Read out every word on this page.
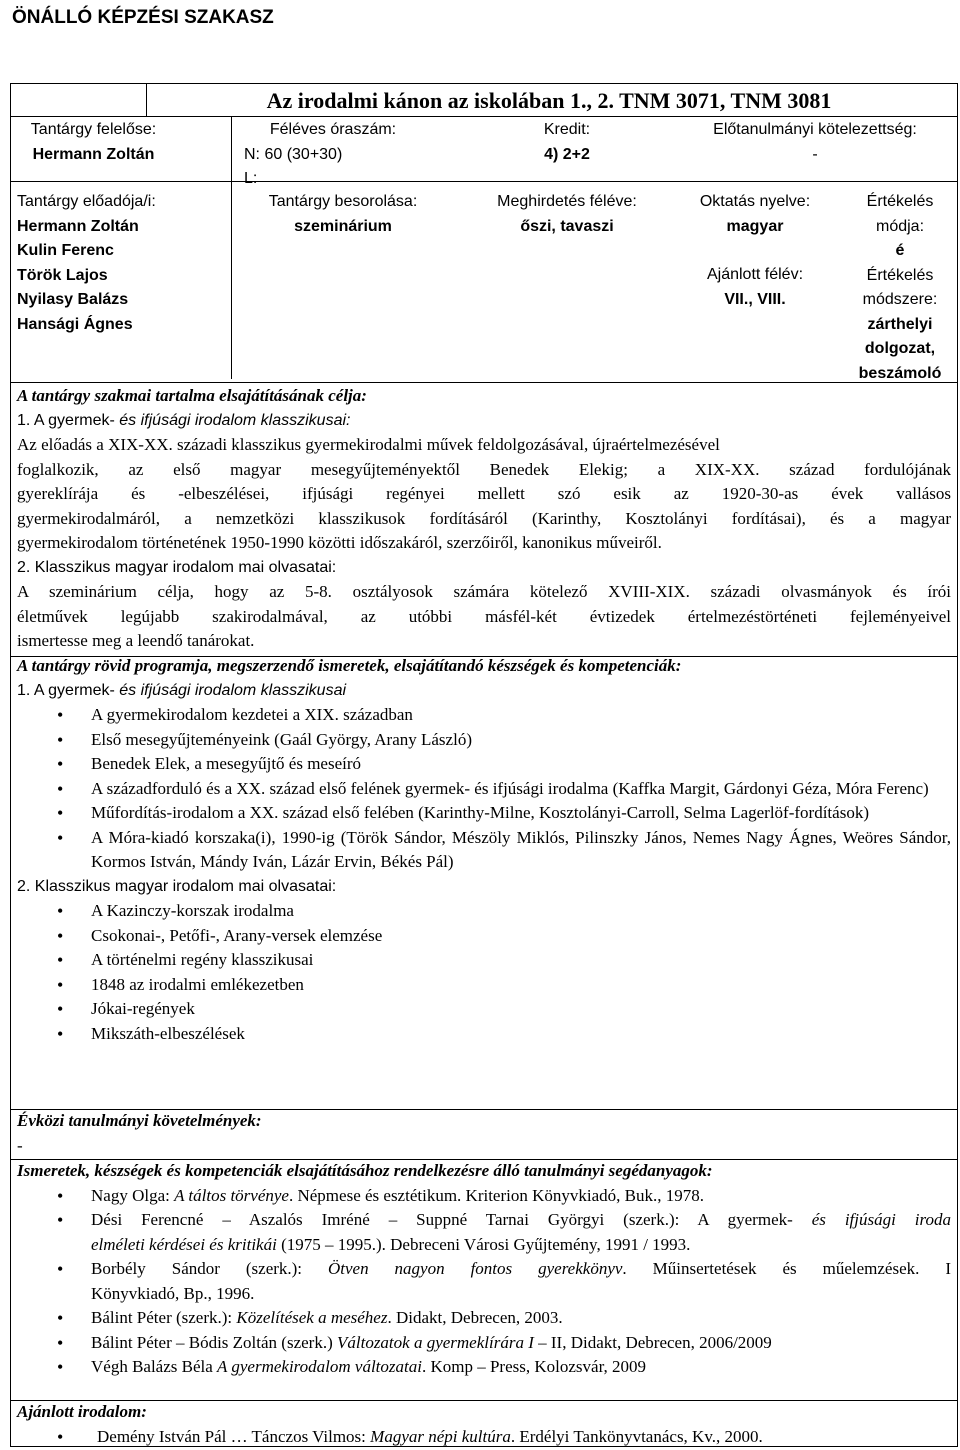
ÖNÁLLÓ KÉPZÉSI SZAKASZ
Az irodalmi kánon az iskolában 1., 2. TNM 3071, TNM 3081
Tantárgy felelőse:
Hermann Zoltán
Féléves óraszám:
N: 60 (30+30)
L:
Kredit:
4) 2+2
Előtanulmányi kötelezettség:
-
Tantárgy előadója/i:
Hermann Zoltán
Kulin Ferenc
Török Lajos
Nyilasy Balázs
Hansági Ágnes
Tantárgy besorolása:
szeminárium
Meghirdetés féléve:
őszi, tavaszi
Oktatás nyelve:
magyar
Ajánlott félév:
VII., VIII.
Értékelés
módja:
é
Értékelés
módszere:
zárthelyi
dolgozat,
beszámoló

A tantárgy szakmai tartalma elsajátításának célja:

1. A gyermek- és ifjúsági irodalom klasszikusai:

Az előadás a XIX-XX. századi klasszikus gyermekirodalmi művek feldolgozásával, újraértelmezésével

foglalkozik, az első magyar mesegyűjteményektől Benedek Elekig; a XIX-XX. század fordulójának

gyereklírája és -elbeszélései, ifjúsági regényei mellett szó esik az 1920-30-as évek vallásos

gyermekirodalmáról, a nemzetközi klasszikusok fordításáról (Karinthy, Kosztolányi fordításai), és a magyar

gyermekirodalom történetének 1950-1990 közötti időszakáról, szerzőiről, kanonikus műveiről.

2. Klasszikus magyar irodalom mai olvasatai:

A szeminárium célja, hogy az 5-8. osztályosok számára kötelező XVIII-XIX. századi olvasmányok és írói

életművek legújabb szakirodalmával, az utóbbi másfél-két évtizedek értelmezéstörténeti fejleményeivel

ismertesse meg a leendő tanárokat.

A tantárgy rövid programja, megszerzendő ismeretek, elsajátítandó készségek és kompetenciák:

1. A gyermek- és ifjúsági irodalom klasszikusai

• A gyermekirodalom kezdetei a XIX. században
• Első mesegyűjteményeink (Gaál György, Arany László)
• Benedek Elek, a mesegyűjtő és meseíró
• A századforduló és a XX. század első felének gyermek- és ifjúsági irodalma (Kaffka Margit, Gárdonyi Géza, Móra Ferenc)
• Műfordítás-irodalom a XX. század első felében (Karinthy-Milne, Kosztolányi-Carroll, Selma Lagerlöf-fordítások)
• A Móra-kiadó korszaka(i), 1990-ig (Török Sándor, Mészöly Miklós, Pilinszky János, Nemes Nagy Ágnes, Weöres Sándor, Kormos István, Mándy Iván, Lázár Ervin, Békés Pál)

2. Klasszikus magyar irodalom mai olvasatai:

• A Kazinczy-korszak irodalma
• Csokonai-, Petőfi-, Arany-versek elemzése
• A történelmi regény klasszikusai
• 1848 az irodalmi emlékezetben
• Jókai-regények
• Mikszáth-elbeszélések

Évközi tanulmányi követelmények:

-

Ismeretek, készségek és kompetenciák elsajátításához rendelkezésre álló tanulmányi segédanyagok:

• Nagy Olga: A táltos törvénye. Népmese és esztétikum. Kriterion Könyvkiadó, Buk., 1978.
• Dési Ferencné – Aszalós Imréné – Suppné Tarnai Györgyi (szerk.): A gyermek- és ifjúsági iroda
elméleti kérdései és kritikái (1975 – 1995.). Debreceni Városi Gyűjtemény, 1991 / 1993.
• Borbély Sándor (szerk.): Ötven nagyon fontos gyerekkönyv. Műinsertetések és műelemzések. I
Könyvkiadó, Bp., 1996.
• Bálint Péter (szerk.): Közelítések a meséhez. Didakt, Debrecen, 2003.
• Bálint Péter – Bódis Zoltán (szerk.) Változatok a gyermeklírára I – II, Didakt, Debrecen, 2006/2009
• Végh Balázs Béla A gyermekirodalom változatai. Komp – Press, Kolozsvár, 2009

Ajánlott irodalom:

• Demény István Pál … Tánczos Vilmos: Magyar népi kultúra. Erdélyi Tankönyvtanács, Kv., 2000.
